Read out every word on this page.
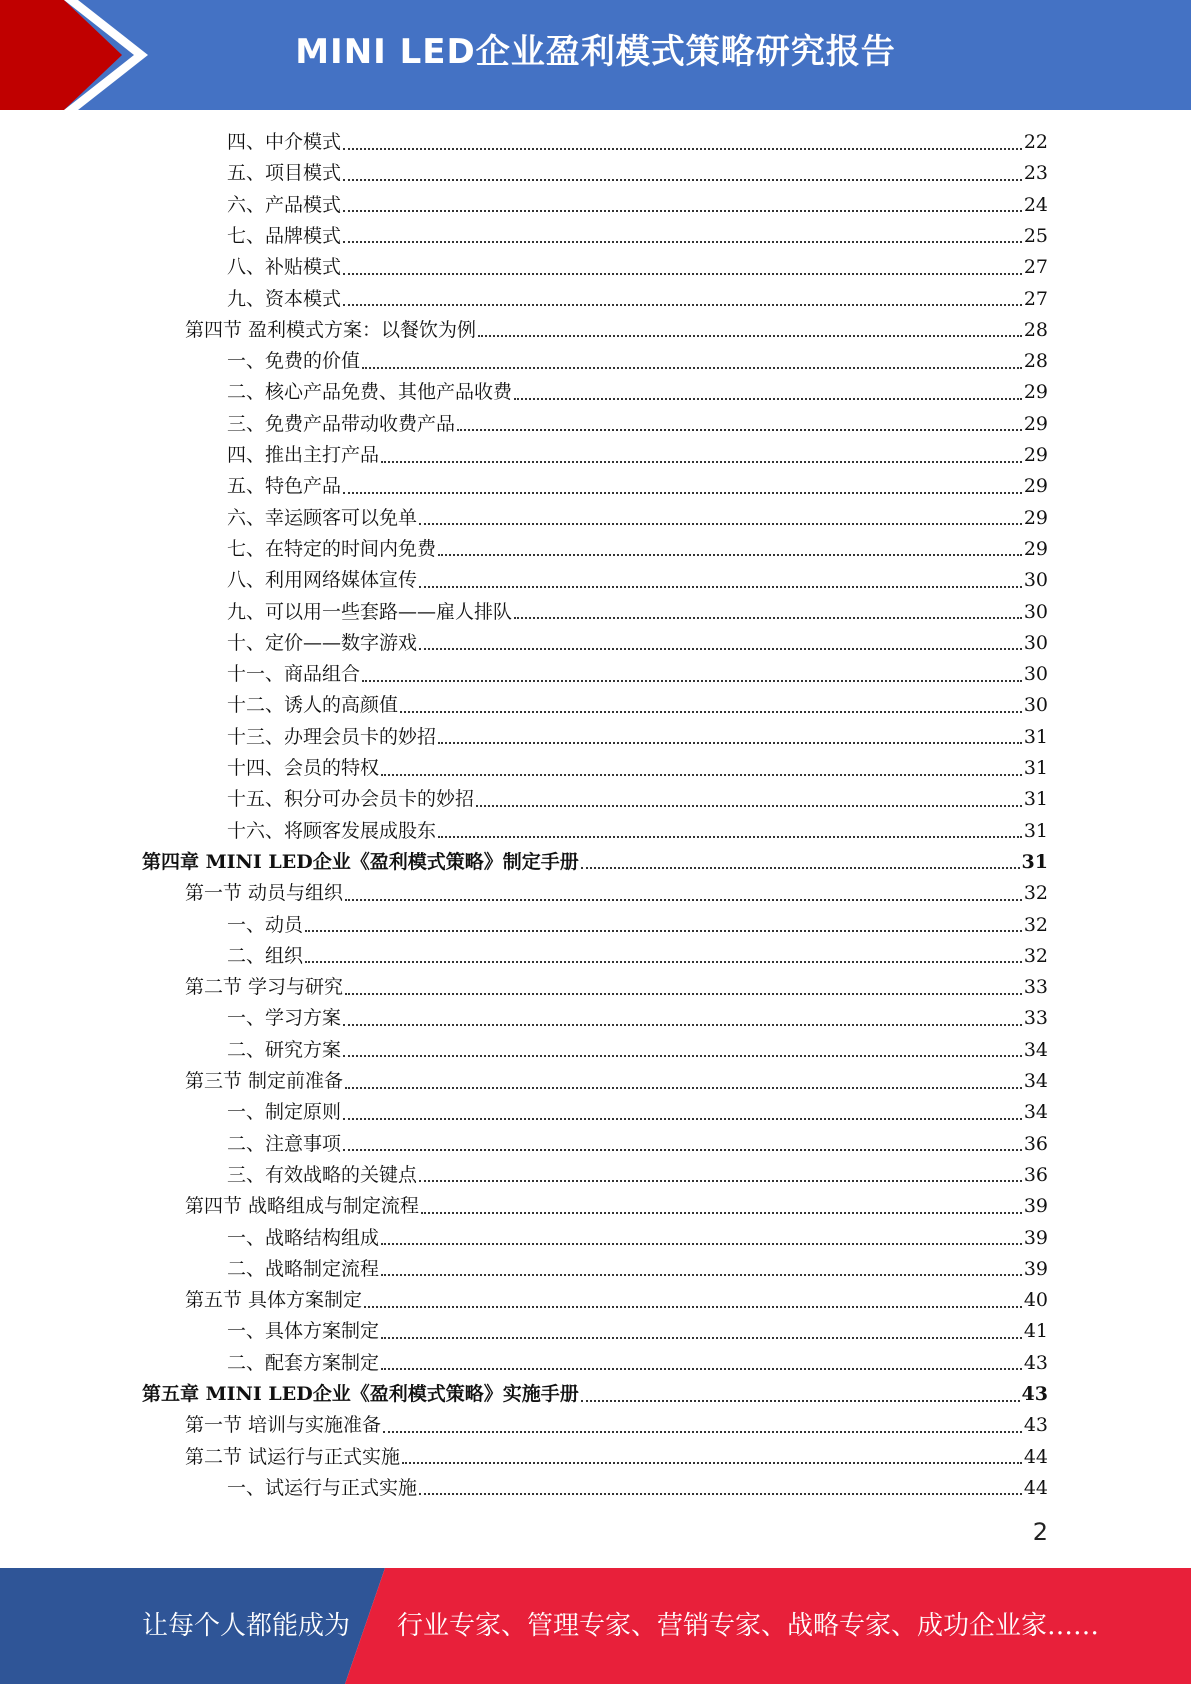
MINI LED企业盈利模式策略研究报告
四、中介模式	22
五、项目模式	23
六、产品模式	24
七、品牌模式	25
八、补贴模式	27
九、资本模式	27
第四节 盈利模式方案：以餐饮为例	28
一、免费的价值	28
二、核心产品免费、其他产品收费	29
三、免费产品带动收费产品	29
四、推出主打产品	29
五、特色产品	29
六、幸运顾客可以免单	29
七、在特定的时间内免费	29
八、利用网络媒体宣传	30
九、可以用一些套路——雇人排队	30
十、定价——数字游戏	30
十一、商品组合	30
十二、诱人的高颜值	30
十三、办理会员卡的妙招	31
十四、会员的特权	31
十五、积分可办会员卡的妙招	31
十六、将顾客发展成股东	31
第四章 MINI LED企业《盈利模式策略》制定手册	31
第一节 动员与组织	32
一、动员	32
二、组织	32
第二节 学习与研究	33
一、学习方案	33
二、研究方案	34
第三节 制定前准备	34
一、制定原则	34
二、注意事项	36
三、有效战略的关键点	36
第四节 战略组成与制定流程	39
一、战略结构组成	39
二、战略制定流程	39
第五节 具体方案制定	40
一、具体方案制定	41
二、配套方案制定	43
第五章 MINI LED企业《盈利模式策略》实施手册	43
第一节 培训与实施准备	43
第二节 试运行与正式实施	44
一、试运行与正式实施	44
2
让每个人都能成为 行业专家、管理专家、营销专家、战略专家、成功企业家……
